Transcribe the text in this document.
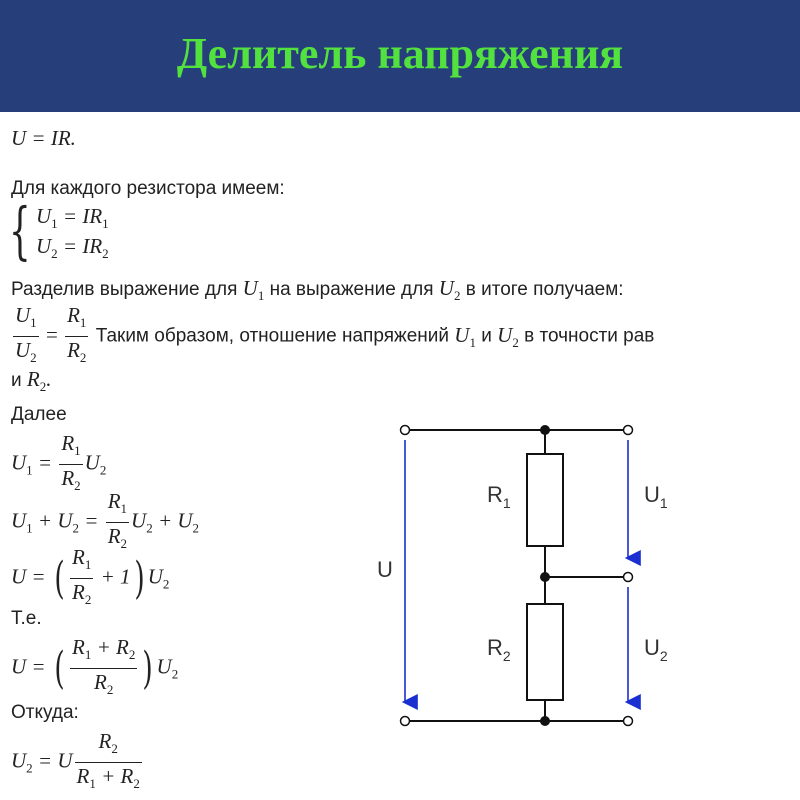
Делитель напряжения
U = IR.
Для каждого резистора имеем:
{ $U_1 = IR_1$
$U_2 = IR_2$
Разделив выражение для $U_1$ на выражение для $U_2$ в итоге получаем:
$\frac{U_1}{U_2} = \frac{R_1}{R_2}$ Таким образом, отношение напряжений $U_1$ и $U_2$ в точности рав
и $R_2$.
Далее
$U_1 = \frac{R_1}{R_2} U_2$
$U_1 + U_2 = \frac{R_1}{R_2} U_2 + U_2$
U = ( $\frac{R_1}{R_2} + 1$) $U_2$
Т.е.
U = ( $\frac{R_1 + R_2}{R_2}$ ) $U_2$
Откуда:
$U_2 = U \frac{R_2}{R_1 + R_2}$
U
$U_1$
$U_2$
$R_1$
$R_2$
